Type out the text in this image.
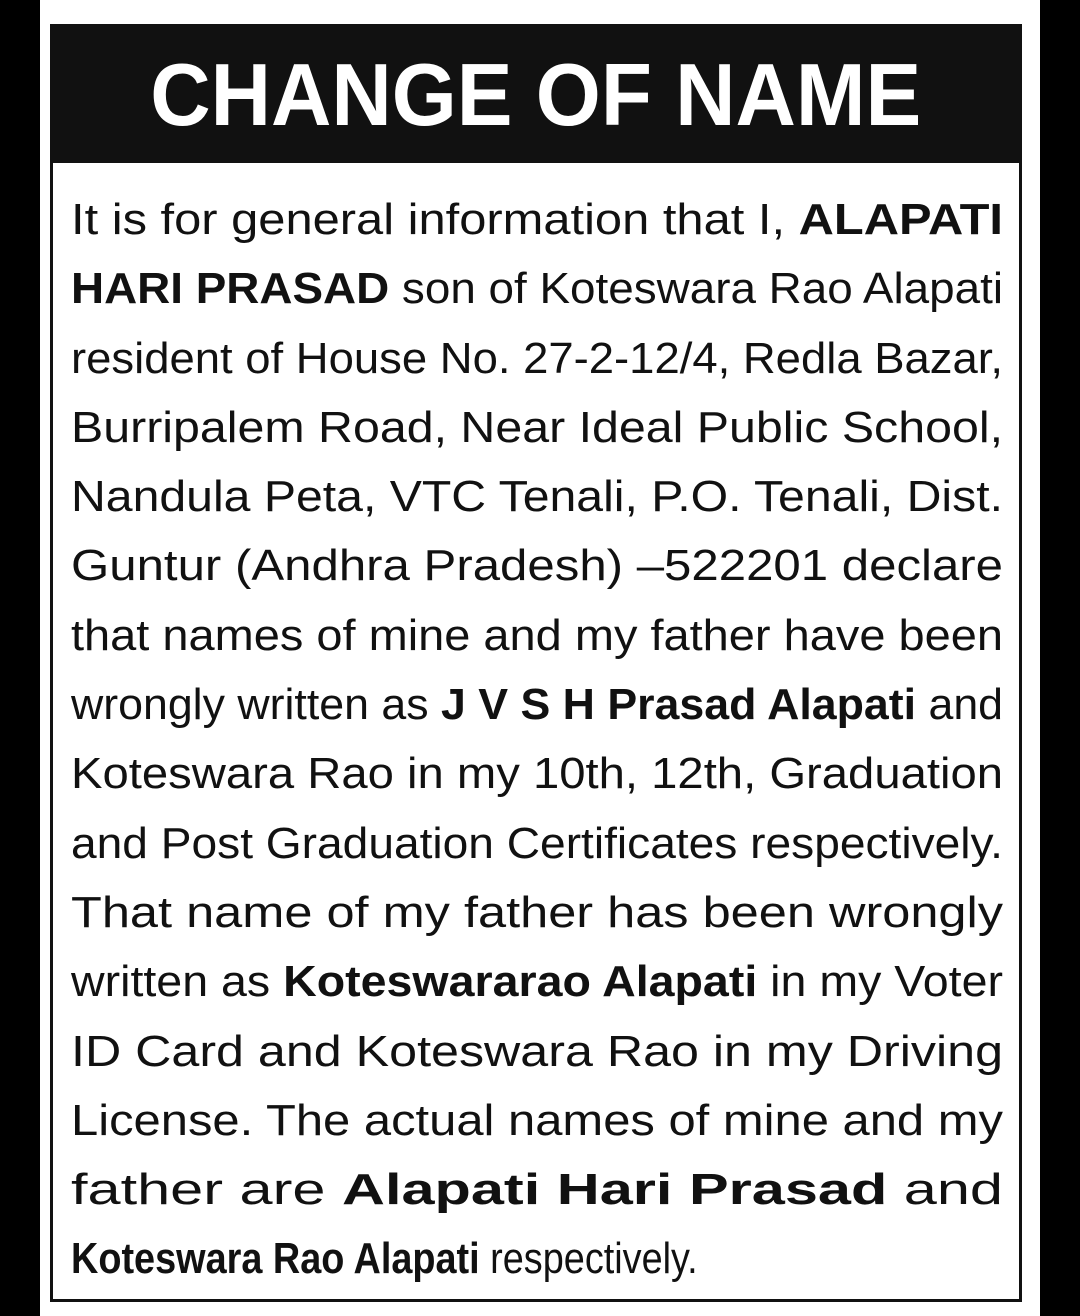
CHANGE OF NAME
It is for general information that I, ALAPATI
HARI PRASAD son of Koteswara Rao Alapati
resident of House No. 27-2-12/4, Redla Bazar,
Burripalem Road, Near Ideal Public School,
Nandula Peta, VTC Tenali, P.O. Tenali, Dist.
Guntur (Andhra Pradesh) –522201 declare
that names of mine and my father have been
wrongly written as J V S H Prasad Alapati and
Koteswara Rao in my 10th, 12th, Graduation
and Post Graduation Certificates respectively.
That name of my father has been wrongly
written as Koteswararao Alapati in my Voter
ID Card and Koteswara Rao in my Driving
License. The actual names of mine and my
father are Alapati Hari Prasad and
Koteswara Rao Alapati respectively.
